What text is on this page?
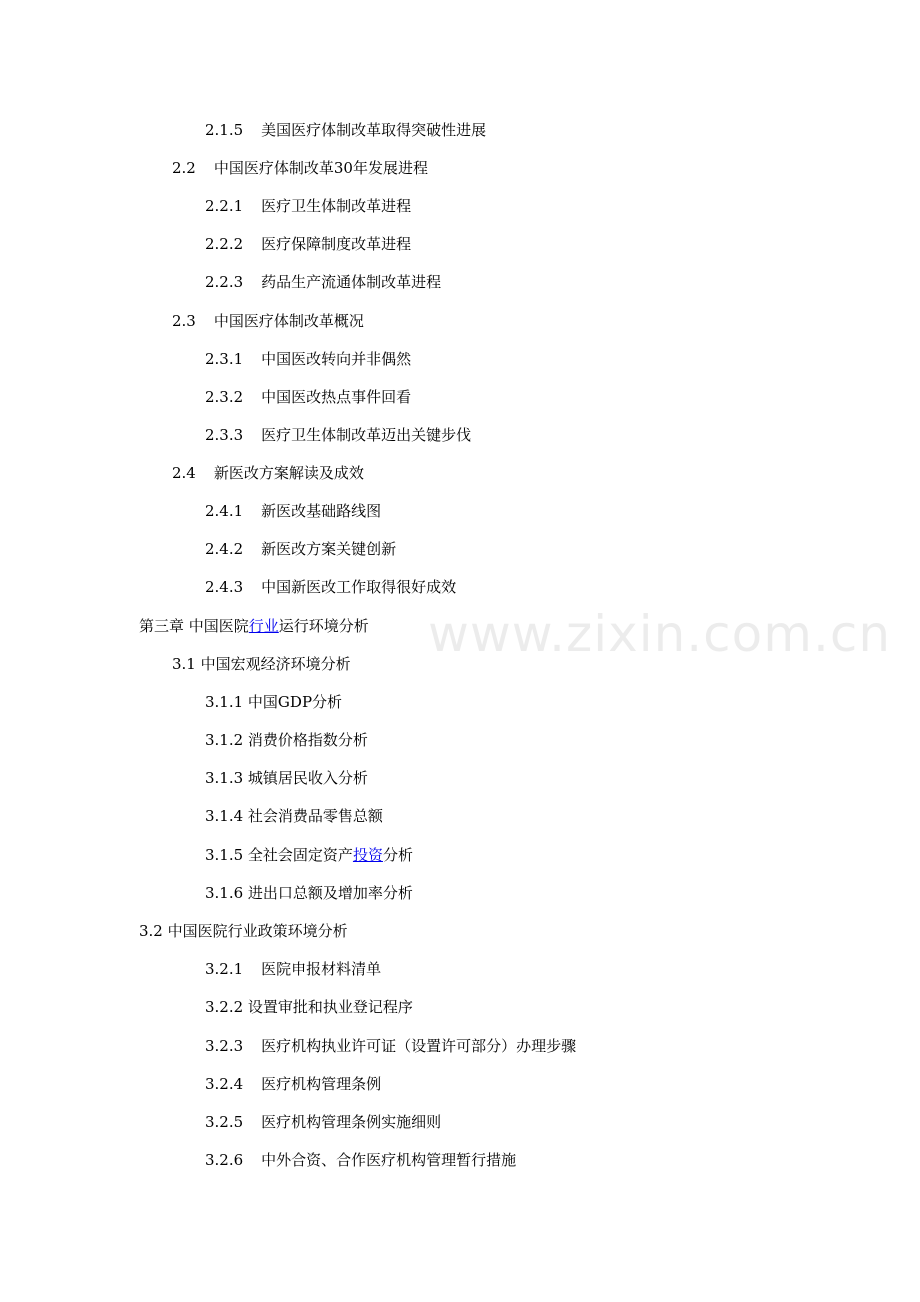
www.zixin.com.cn
2.1.5 美国医疗体制改革取得突破性进展
2.2 中国医疗体制改革30年发展进程
2.2.1 医疗卫生体制改革进程
2.2.2 医疗保障制度改革进程
2.2.3 药品生产流通体制改革进程
2.3 中国医疗体制改革概况
2.3.1 中国医改转向并非偶然
2.3.2 中国医改热点事件回看
2.3.3 医疗卫生体制改革迈出关键步伐
2.4 新医改方案解读及成效
2.4.1 新医改基础路线图
2.4.2 新医改方案关键创新
2.4.3 中国新医改工作取得很好成效
第三章 中国医院行业运行环境分析
3.1 中国宏观经济环境分析
3.1.1 中国GDP分析
3.1.2 消费价格指数分析
3.1.3 城镇居民收入分析
3.1.4 社会消费品零售总额
3.1.5 全社会固定资产投资分析
3.1.6 进出口总额及增加率分析
3.2 中国医院行业政策环境分析
3.2.1 医院申报材料清单
3.2.2 设置审批和执业登记程序
3.2.3 医疗机构执业许可证（设置许可部分）办理步骤
3.2.4 医疗机构管理条例
3.2.5 医疗机构管理条例实施细则
3.2.6 中外合资、合作医疗机构管理暂行措施
